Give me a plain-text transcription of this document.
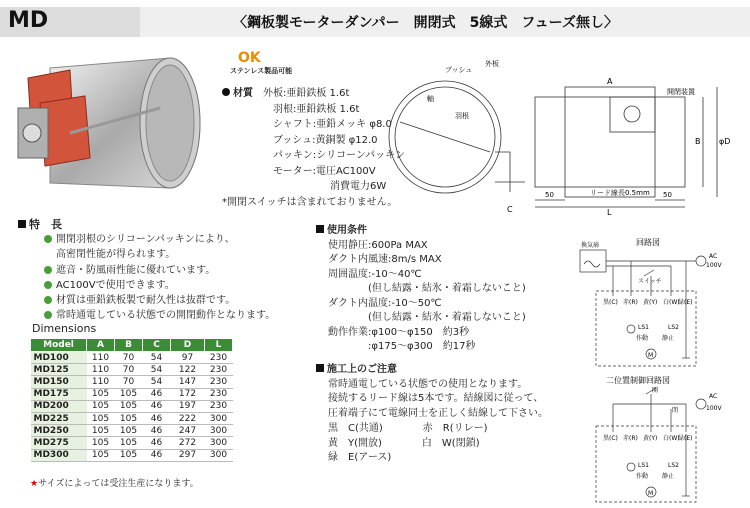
MD	〈鋼板製モーターダンパー　開閉式　5線式　フューズ無し〉
OK
ステンレス製品可能
材質　 外板:亜鉛鉄板 1.6t
羽根:亜鉛鉄板 1.6t
シャフト:亜鉛メッキ φ8.0
ブッシュ:黄銅製 φ12.0
パッキン:シリコーンパッキン
モーター:電圧AC100V
消費電力6W
*開閉スイッチは含まれておりません。
特　長
開閉羽根のシリコーンパッキンにより、
高密閉性能が得られます。
遮音・防風雨性能に優れています。
AC100Vで使用できます。
材質は亜鉛鉄板製で耐久性は抜群です。
常時通電している状態での開閉動作となります。
Dimensions
Model	A	B	C	D	L
MD100	110	70	54	97	230
MD125	110	70	54	122	230
MD150	110	70	54	147	230
MD175	105	105	46	172	230
MD200	105	105	46	197	230
MD225	105	105	46	222	300
MD250	105	105	46	247	300
MD275	105	105	46	272	300
MD300	105	105	46	297	300
★サイズによっては受注生産になります。
ブッシュ
外板
軸
羽根
開閉装置
リード線長0.5mm
L
50	50
C
B φD
A
使用条件
使用静圧:600Pa MAX
ダクト内風速:8m/s MAX
周囲温度:-10～40℃
　　　　(但し結露・結氷・着霜しないこと)
ダクト内温度:-10～50℃
　　　　(但し結露・結氷・着霜しないこと)
動作作業:φ100～φ150　約3秒
　　　　:φ175～φ300　約17秒
施工上のご注意
常時通電している状態での使用となります。
接続するリード線は5本です。結線図に従って、
圧着端子にて電線同士を正しく結線して下さい。
黒　C(共通)　　　　赤　R(リレー)
黄　Y(開放)　　　　白　W(閉鎖)
緑　E(アース)
回路図
換気扇
AC
100V
スイッチ
黒(C) 赤(R) 黄(Y) 白(W)
緑(E)
LS1	LS2
作動 静止
M
二位置制御回路図
開
閉
AC
100V
黒(C) 赤(R) 黄(Y) 白(W)
緑(E)
LS1	LS2
作動 静止
M
